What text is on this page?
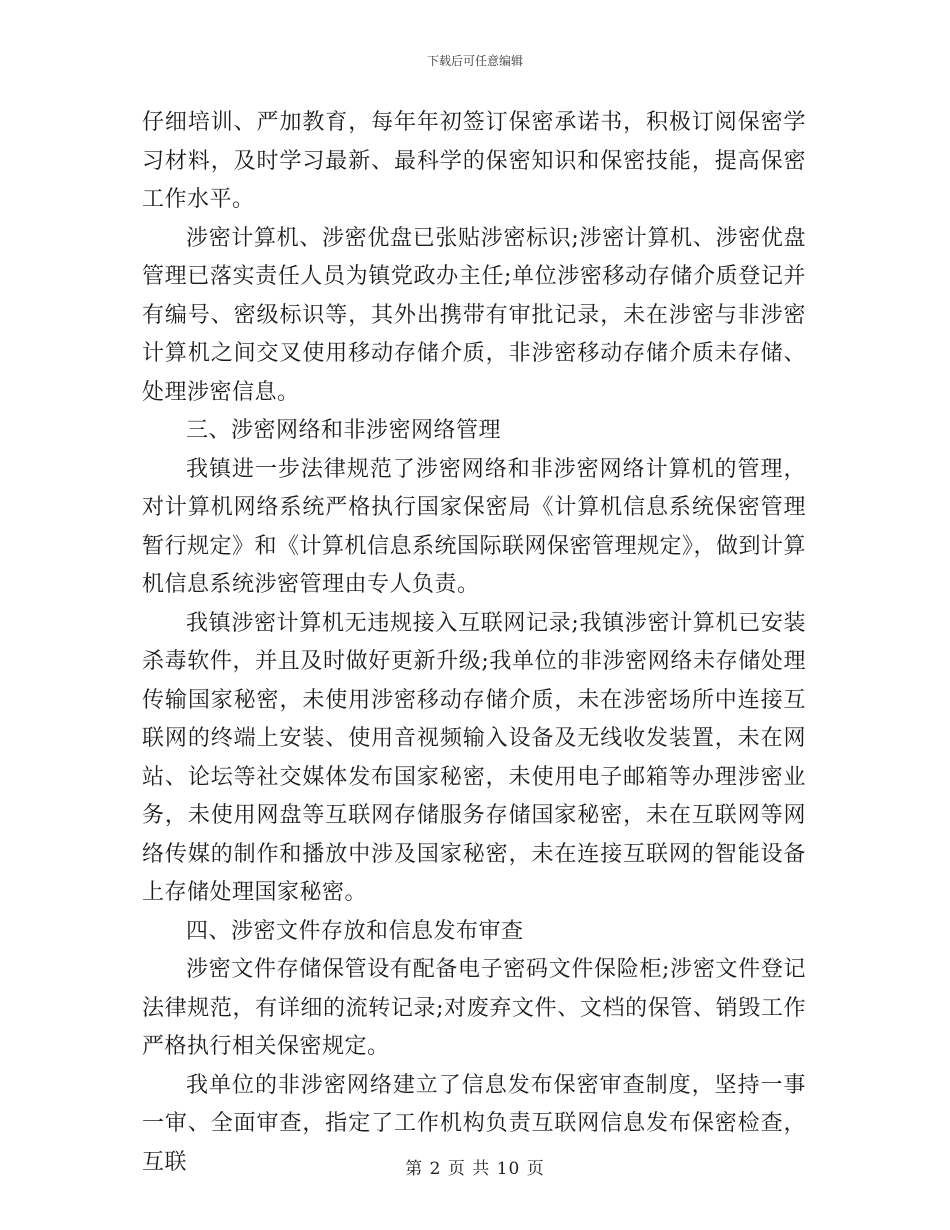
下载后可任意编辑

仔细培训、严加教育，每年年初签订保密承诺书，积极订阅保密学习材料，及时学习最新、最科学的保密知识和保密技能，提高保密工作水平。

涉密计算机、涉密优盘已张贴涉密标识;涉密计算机、涉密优盘管理已落实责任人员为镇党政办主任;单位涉密移动存储介质登记并有编号、密级标识等，其外出携带有审批记录，未在涉密与非涉密计算机之间交叉使用移动存储介质，非涉密移动存储介质未存储、处理涉密信息。

三、涉密网络和非涉密网络管理

我镇进一步法律规范了涉密网络和非涉密网络计算机的管理，对计算机网络系统严格执行国家保密局《计算机信息系统保密管理暂行规定》和《计算机信息系统国际联网保密管理规定》，做到计算机信息系统涉密管理由专人负责。

我镇涉密计算机无违规接入互联网记录;我镇涉密计算机已安装杀毒软件，并且及时做好更新升级;我单位的非涉密网络未存储处理传输国家秘密，未使用涉密移动存储介质，未在涉密场所中连接互联网的终端上安装、使用音视频输入设备及无线收发装置，未在网站、论坛等社交媒体发布国家秘密，未使用电子邮箱等办理涉密业务，未使用网盘等互联网存储服务存储国家秘密，未在互联网等网络传媒的制作和播放中涉及国家秘密，未在连接互联网的智能设备上存储处理国家秘密。

四、涉密文件存放和信息发布审查

涉密文件存储保管设有配备电子密码文件保险柜;涉密文件登记法律规范，有详细的流转记录;对废弃文件、文档的保管、销毁工作严格执行相关保密规定。

我单位的非涉密网络建立了信息发布保密审查制度，坚持一事一审、全面审查，指定了工作机构负责互联网信息发布保密检查，互联	第 2 页 共 10 页
